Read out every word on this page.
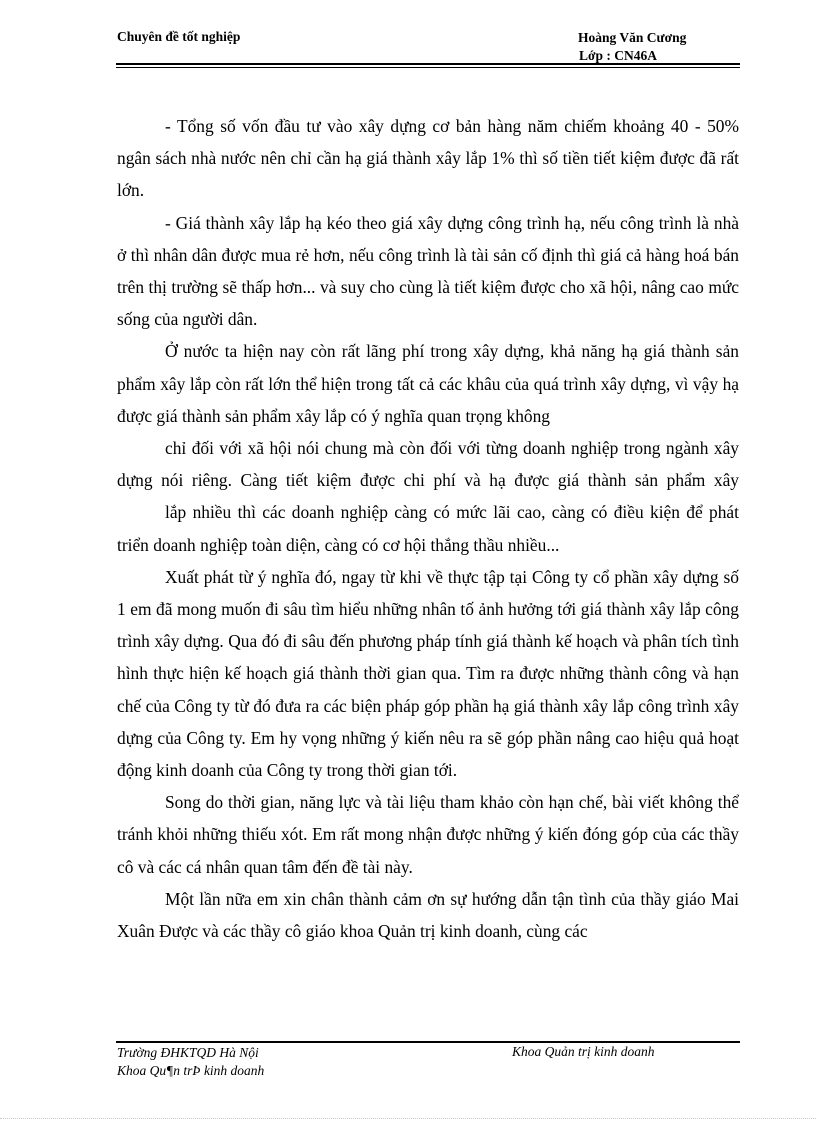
Chuyên đề tốt nghiệp	Hoàng Văn Cương
Lớp : CN46A

- Tổng số vốn đầu tư vào xây dựng cơ bản hàng năm chiếm khoảng 40 - 50% ngân sách nhà nước nên chỉ cần hạ giá thành xây lắp 1% thì số tiền tiết kiệm được đã rất lớn.

- Giá thành xây lắp hạ kéo theo giá xây dựng công trình hạ, nếu công trình là nhà ở thì nhân dân được mua rẻ hơn, nếu công trình là tài sản cố định thì giá cả hàng hoá bán trên thị trường sẽ thấp hơn... và suy cho cùng là tiết kiệm được cho xã hội, nâng cao mức sống của người dân.

Ở nước ta hiện nay còn rất lãng phí trong xây dựng, khả năng hạ giá thành sản phẩm xây lắp còn rất lớn thể hiện trong tất cả các khâu của quá trình xây dựng, vì vậy hạ được giá thành sản phẩm xây lắp có ý nghĩa quan trọng không

chỉ đối với xã hội nói chung mà còn đối với từng doanh nghiệp trong ngành xây dựng nói riêng. Càng tiết kiệm được chi phí và hạ được giá thành sản phẩm xây

lắp nhiều thì các doanh nghiệp càng có mức lãi cao, càng có điều kiện để phát triển doanh nghiệp toàn diện, càng có cơ hội thắng thầu nhiều...

Xuất phát từ ý nghĩa đó, ngay từ khi về thực tập tại Công ty cổ phần xây dựng số 1 em đã mong muốn đi sâu tìm hiểu những nhân tố ảnh hưởng tới giá thành xây lắp công trình xây dựng. Qua đó đi sâu đến phương pháp tính giá thành kế hoạch và phân tích tình hình thực hiện kế hoạch giá thành thời gian qua. Tìm ra được những thành công và hạn chế của Công ty từ đó đưa ra các biện pháp góp phần hạ giá thành xây lắp công trình xây dựng của Công ty. Em hy vọng những ý kiến nêu ra sẽ góp phần nâng cao hiệu quả hoạt động kinh doanh của Công ty trong thời gian tới.

Song do thời gian, năng lực và tài liệu tham khảo còn hạn chế, bài viết không thể tránh khỏi những thiếu xót. Em rất mong nhận được những ý kiến đóng góp của các thầy cô và các cá nhân quan tâm đến đề tài này.

Một lần nữa em xin chân thành cảm ơn sự hướng dẫn tận tình của thầy giáo Mai Xuân Được và các thầy cô giáo khoa Quản trị kinh doanh, cùng các

Trường ĐHKTQD Hà Nội
Khoa Qu¶n trÞ kinh doanh
Khoa Quản trị kinh doanh
